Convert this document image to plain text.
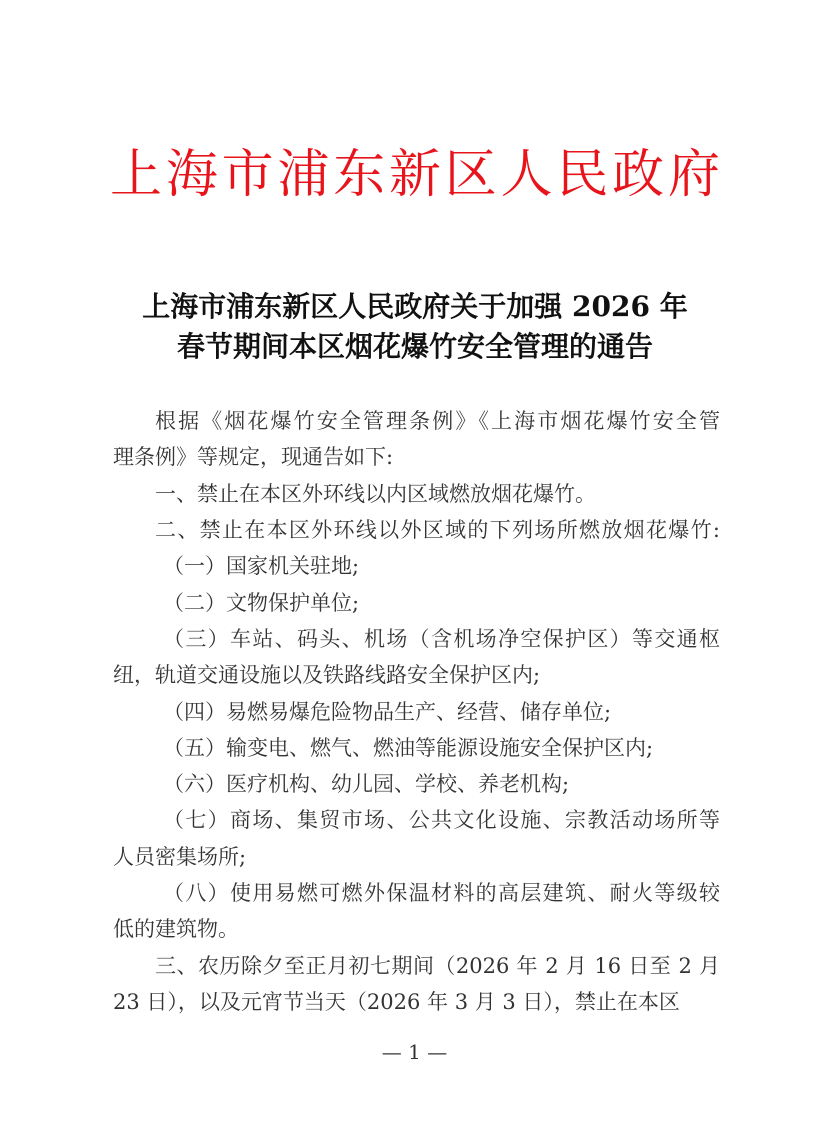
上海市浦东新区人民政府
上海市浦东新区人民政府关于加强 2026 年
春节期间本区烟花爆竹安全管理的通告
根据《烟花爆竹安全管理条例》《上海市烟花爆竹安全管
理条例》等规定，现通告如下:
一、禁止在本区外环线以内区域燃放烟花爆竹。
二、禁止在本区外环线以外区域的下列场所燃放烟花爆竹:
（一）国家机关驻地;
（二）文物保护单位;
（三）车站、码头、机场（含机场净空保护区）等交通枢
纽，轨道交通设施以及铁路线路安全保护区内;
（四）易燃易爆危险物品生产、经营、储存单位;
（五）输变电、燃气、燃油等能源设施安全保护区内;
（六）医疗机构、幼儿园、学校、养老机构;
（七）商场、集贸市场、公共文化设施、宗教活动场所等
人员密集场所;
（八）使用易燃可燃外保温材料的高层建筑、耐火等级较
低的建筑物。
三、农历除夕至正月初七期间（2026 年 2 月 16 日至 2 月
23 日），以及元宵节当天（2026 年 3 月 3 日），禁止在本区
— 1 —
